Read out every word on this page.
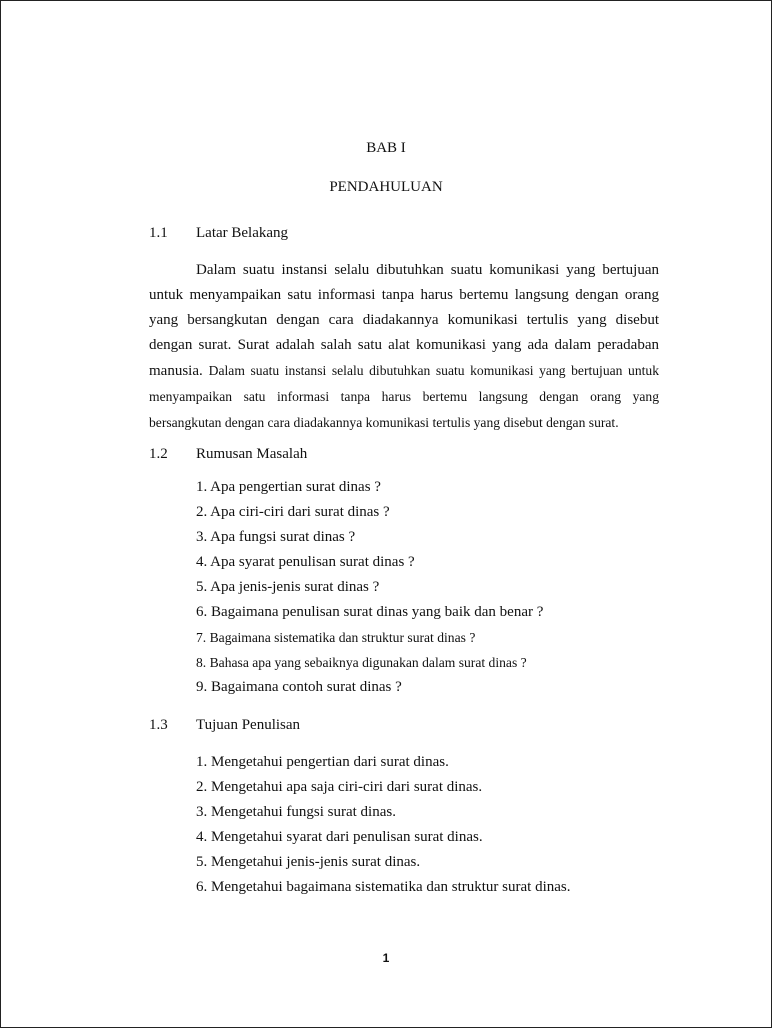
BAB I
PENDAHULUAN
1.1 Latar Belakang

Dalam suatu instansi selalu dibutuhkan suatu komunikasi yang bertujuan untuk menyampaikan satu informasi tanpa harus bertemu langsung dengan orang yang bersangkutan dengan cara diadakannya komunikasi tertulis yang disebut dengan surat. Surat adalah salah satu alat komunikasi yang ada dalam peradaban manusia. Dalam suatu instansi selalu dibutuhkan suatu komunikasi yang bertujuan untuk menyampaikan satu informasi tanpa harus bertemu langsung dengan orang yang bersangkutan dengan cara diadakannya komunikasi tertulis yang disebut dengan surat.

1.2 Rumusan Masalah
1. Apa pengertian surat dinas ?
2. Apa ciri-ciri dari surat dinas ?
3. Apa fungsi surat dinas ?
4. Apa syarat penulisan surat dinas ?
5. Apa jenis-jenis surat dinas ?
6. Bagaimana penulisan surat dinas yang baik dan benar ?
7. Bagaimana sistematika dan struktur surat dinas ?
8. Bahasa apa yang sebaiknya digunakan dalam surat dinas ?
9. Bagaimana contoh surat dinas ?
1.3 Tujuan Penulisan
1. Mengetahui pengertian dari surat dinas.
2. Mengetahui apa saja ciri-ciri dari surat dinas.
3. Mengetahui fungsi surat dinas.
4. Mengetahui syarat dari penulisan surat dinas.
5. Mengetahui jenis-jenis surat dinas.
6. Mengetahui bagaimana sistematika dan struktur surat dinas.
1
